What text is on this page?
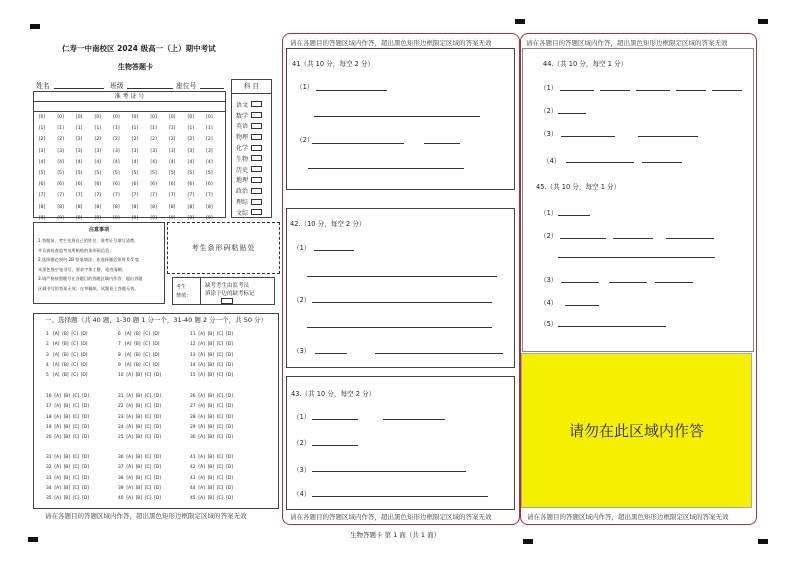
仁寿一中南校区 2024 级高一（上）期中考试
生物答题卡
姓名	班级	座位号
准 考 证 号
[0]
[1]
[2]
[3]
[4]
[5]
[6]
[7]
[8]
[9]
[0]
[1]
[2]
[3]
[4]
[5]
[6]
[7]
[8]
[9]
[0]
[1]
[2]
[3]
[4]
[5]
[6]
[7]
[8]
[9]
[0]
[1]
[2]
[3]
[4]
[5]
[6]
[7]
[8]
[9]
[0]
[1]
[2]
[3]
[4]
[5]
[6]
[7]
[8]
[9]
[0]
[1]
[2]
[3]
[4]
[5]
[6]
[7]
[8]
[9]
[0]
[1]
[2]
[3]
[4]
[5]
[6]
[7]
[8]
[9]
[0]
[1]
[2]
[3]
[4]
[5]
[6]
[7]
[8]
[9]
[0]
[1]
[2]
[3]
[4]
[5]
[6]
[7]
[8]
[9]
[0]
[1]
[2]
[3]
[4]
[5]
[6]
[7]
[8]
[9]
科 目
语文
数学
英语
物理
化学
生物
历史
地理
政治
理综
文综
注意事项
1.答题前，考生先将自己的姓名、准考证号填写清楚，
并认真检查监考员所粘贴的条形码信息；
2.选择题必须用 2B 铅笔填涂；非选择题必须用 0.5 毫
米黑色签字笔书写，要求字体工整、笔迹清晰；
3.请严格按照题号在各题目的答题区域内作答，超出答题
区域书写的答案无效；在草稿纸、试题卷上答题无效。
考生条形码粘贴处
考生
禁填：
缺考考生由监考员
填涂下边的缺考标记
一、选择题（共 40 题，1-30 题 1 分一个，31-40 题 2 分一个，共 50 分）
1   [A]  [B]  [C]  [D]
2   [A]  [B]  [C]  [D]
3   [A]  [B]  [C]  [D]
4   [A]  [B]  [C]  [D]
5   [A]  [B]  [C]  [D]
6   [A]  [B]  [C]  [D]
7   [A]  [B]  [C]  [D]
8   [A]  [B]  [C]  [D]
9   [A]  [B]  [C]  [D]
10  [A]  [B]  [C]  [D]
11  [A]  [B]  [C]  [D]
12  [A]  [B]  [C]  [D]
13  [A]  [B]  [C]  [D]
14  [A]  [B]  [C]  [D]
15  [A]  [B]  [C]  [D]
16  [A]  [B]  [C]  [D]
17  [A]  [B]  [C]  [D]
18  [A]  [B]  [C]  [D]
19  [A]  [B]  [C]  [D]
20  [A]  [B]  [C]  [D]
21  [A]  [B]  [C]  [D]
22  [A]  [B]  [C]  [D]
23  [A]  [B]  [C]  [D]
24  [A]  [B]  [C]  [D]
25  [A]  [B]  [C]  [D]
26  [A]  [B]  [C]  [D]
27  [A]  [B]  [C]  [D]
28  [A]  [B]  [C]  [D]
29  [A]  [B]  [C]  [D]
30  [A]  [B]  [C]  [D]
31  [A]  [B]  [C]  [D]
32  [A]  [B]  [C]  [D]
33  [A]  [B]  [C]  [D]
34  [A]  [B]  [C]  [D]
35  [A]  [B]  [C]  [D]
36  [A]  [B]  [C]  [D]
37  [A]  [B]  [C]  [D]
38  [A]  [B]  [C]  [D]
39  [A]  [B]  [C]  [D]
40  [A]  [B]  [C]  [D]
41  [A]  [B]  [C]  [D]
42  [A]  [B]  [C]  [D]
43  [A]  [B]  [C]  [D]
44  [A]  [B]  [C]  [D]
45  [A]  [B]  [C]  [D]
请在各题目的答题区域内作答，超出黑色矩形边框限定区域的答案无效
请在各题目的答题区域内作答，超出黑色矩形边框限定区域的答案无效
41（共 10 分，每空 2 分）
（1）
（2）
42.（10 分，每空 2 分）
（1）
（2）
（3）
43.（共 10 分，每空 2 分）
（1）
（2）
（3）
（4）
请在各题目的答题区域内作答，超出黑色矩形边框限定区域的答案无效
请在各题目的答题区域内作答，超出黑色矩形边框限定区域的答案无效
44.（共 10 分，每空 1 分）
（1）
（2）
（3）
（4）
45.（共 10 分，每空 1 分）
（1）
（2）
（3）
（4）
（5）
请勿在此区域内作答
请在各题目的答题区域内作答，超出黑色矩形边框限定区域的答案无效
生物答题卡 第 1 面（共 1 面）
